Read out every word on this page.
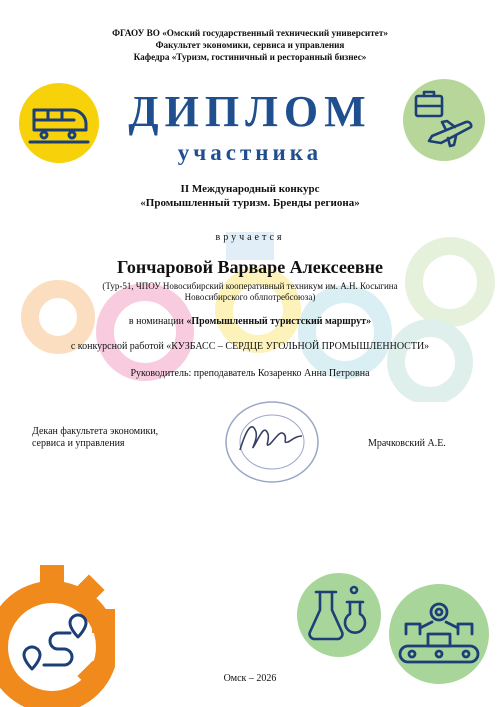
ФГАОУ ВО «Омский государственный технический университет»
Факультет экономики, сервиса и управления
Кафедра «Туризм, гостиничный и ресторанный бизнес»
ДИПЛОМ
участника
II Международный конкурс
«Промышленный туризм. Бренды региона»
вручается
Гончаровой Варваре Алексеевне
(Тур-51, ЧПОУ Новосибирский кооперативный техникум им. А.Н. Косыгина
Новосибирского облпотребсоюза)
в номинации «Промышленный туристский маршрут»
с конкурсной работой «КУЗБАСС – СЕРДЦЕ УГОЛЬНОЙ ПРОМЫШЛЕННОСТИ»
Руководитель: преподаватель Козаренко Анна Петровна
Декан факультета экономики,
сервиса и управления	Мрачковский А.Е.
Омск – 2026
